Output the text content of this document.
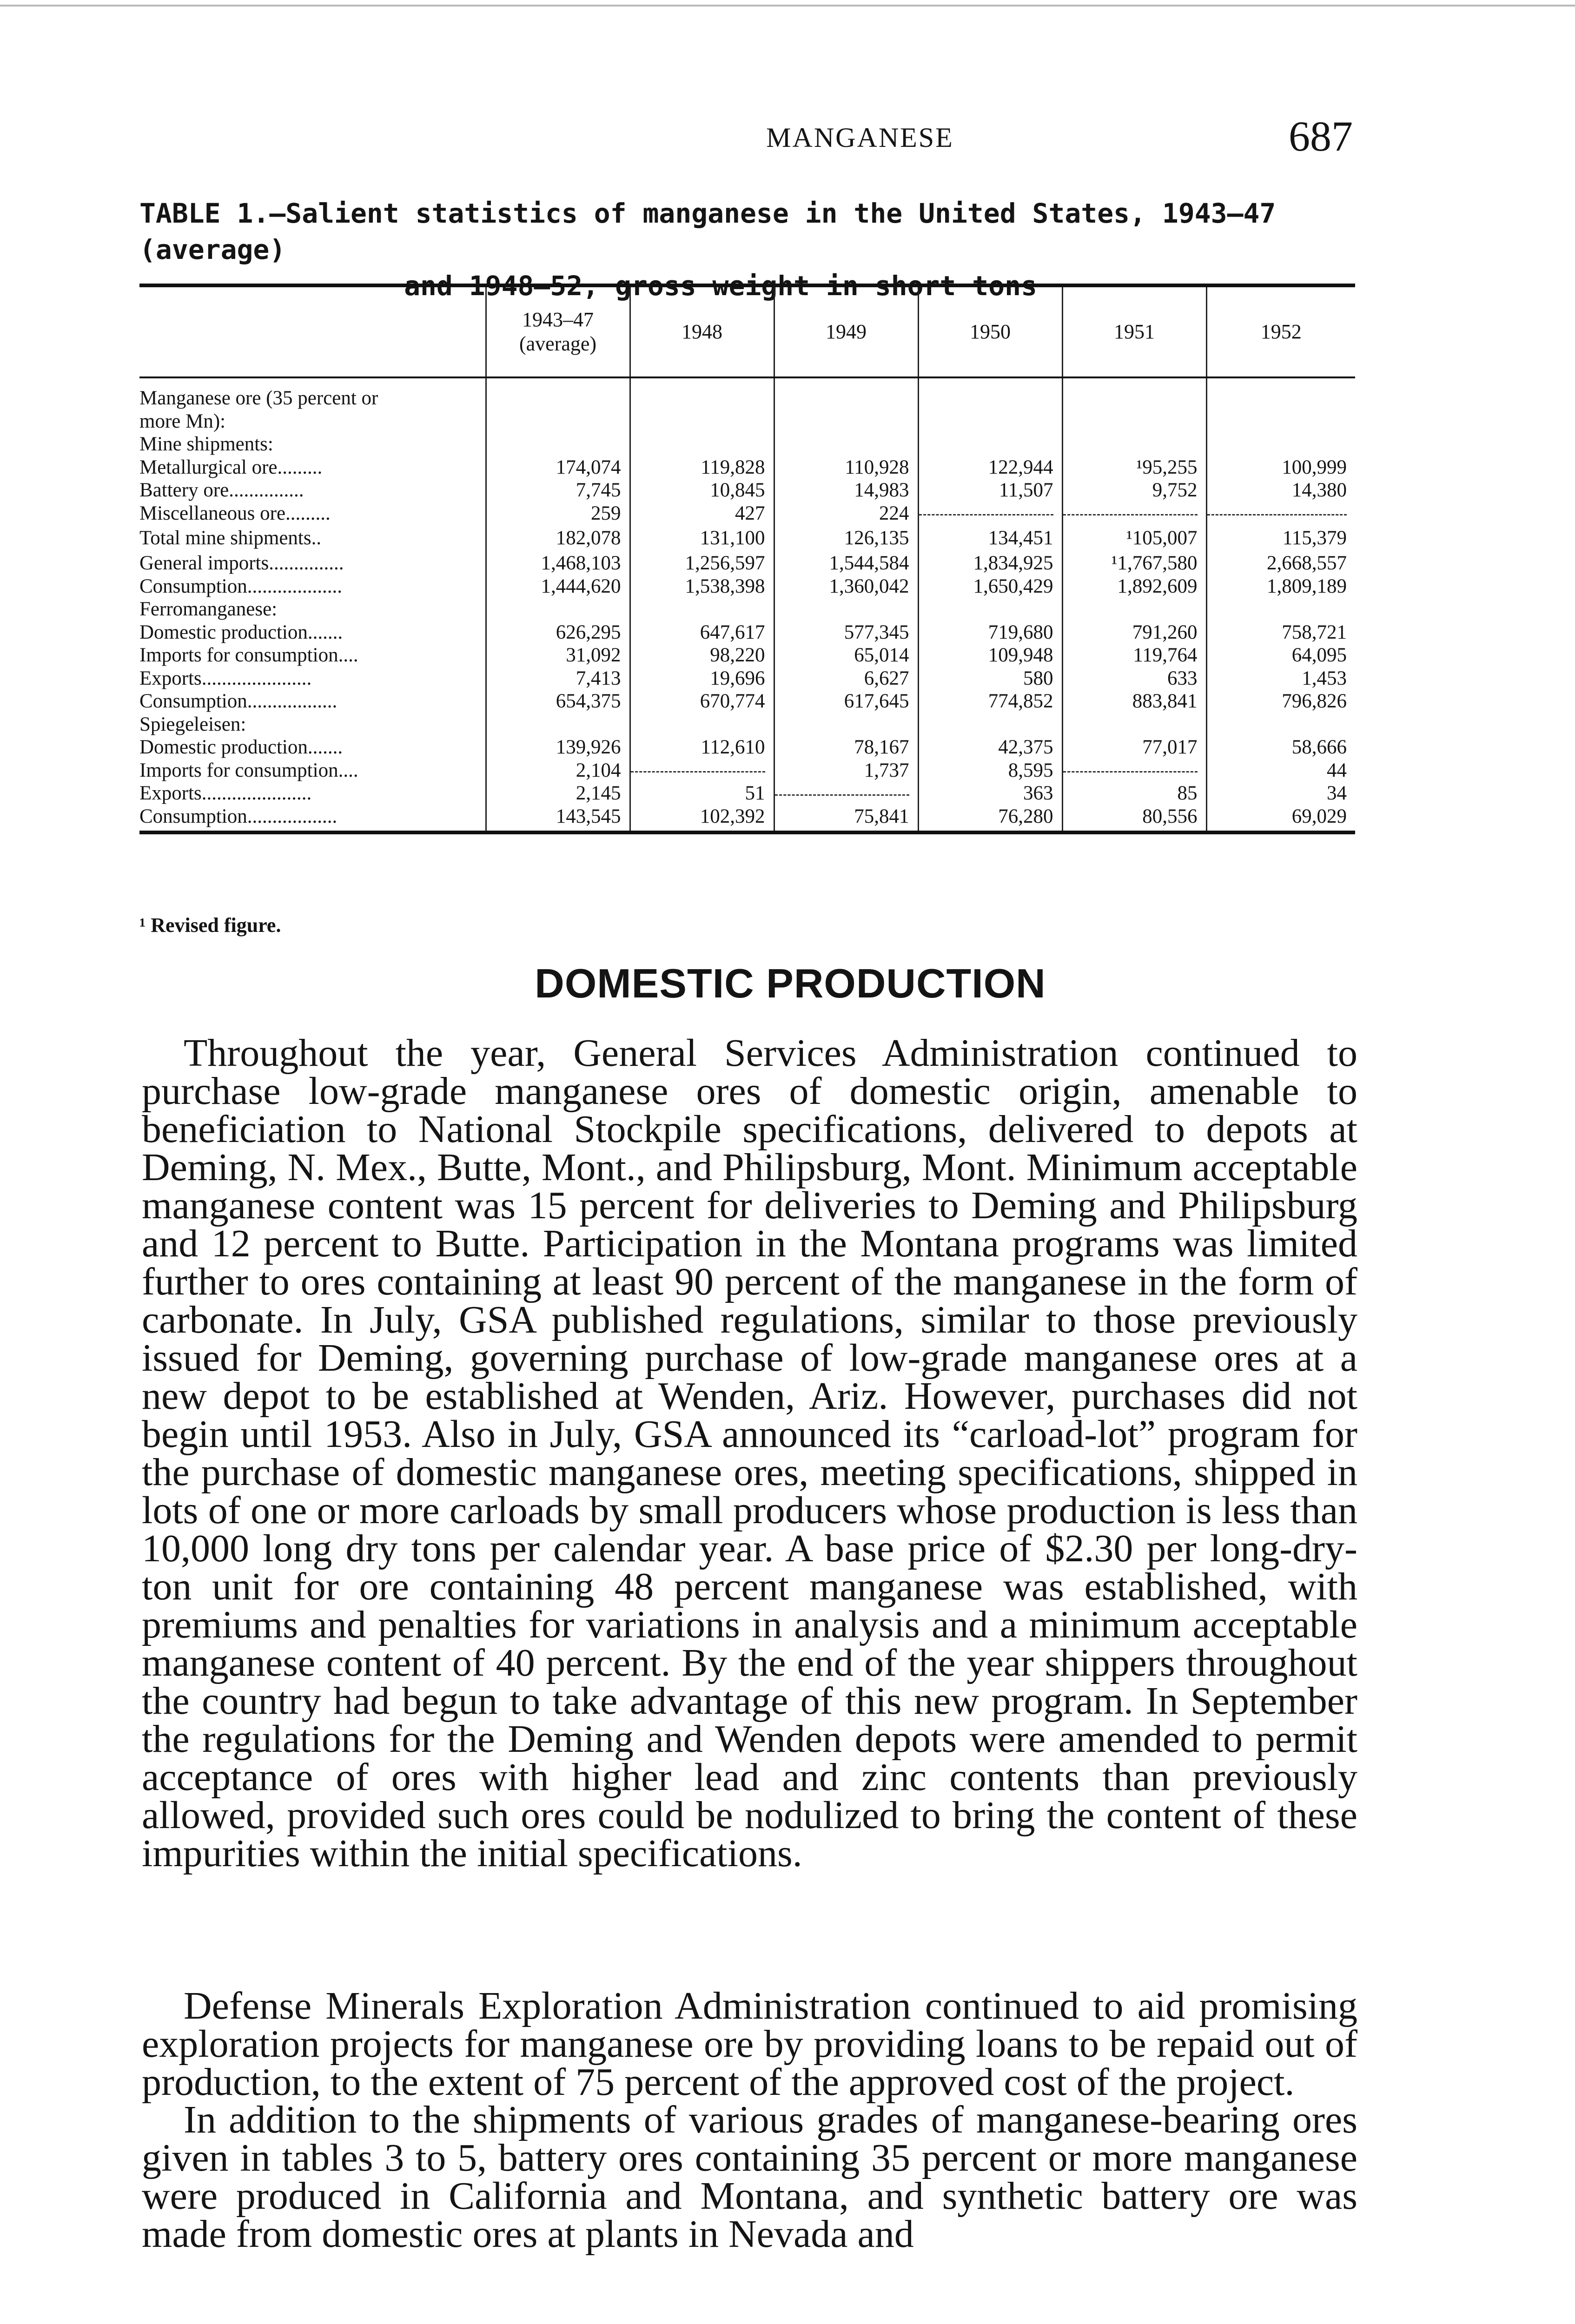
MANGANESE	687
TABLE 1.—Salient statistics of manganese in the United States, 1943–47 (average)
and 1948–52, gross weight in short tons
	1943–47 (average)	1948	1949	1950	1951	1952

Manganese ore (35 percent or						
more Mn):						
Mine shipments:						
Metallurgical ore.........	174,074	119,828	110,928	122,944	¹95,255	100,999
Battery ore...............	7,745	10,845	14,983	11,507	9,752	14,380
Miscellaneous ore.........	259	427	224			
Total mine shipments..	182,078	131,100	126,135	134,451	¹105,007	115,379
General imports...............	1,468,103	1,256,597	1,544,584	1,834,925	¹1,767,580	2,668,557
Consumption...................	1,444,620	1,538,398	1,360,042	1,650,429	1,892,609	1,809,189
Ferromanganese:						
Domestic production.......	626,295	647,617	577,345	719,680	791,260	758,721
Imports for consumption....	31,092	98,220	65,014	109,948	119,764	64,095
Exports......................	7,413	19,696	6,627	580	633	1,453
Consumption..................	654,375	670,774	617,645	774,852	883,841	796,826
Spiegeleisen:						
Domestic production.......	139,926	112,610	78,167	42,375	77,017	58,666
Imports for consumption....	2,104		1,737	8,595		44
Exports......................	2,145	51		363	85	34
Consumption..................	143,545	102,392	75,841	76,280	80,556	69,029
¹ Revised figure.
DOMESTIC PRODUCTION

Throughout the year, General Services Administration continued to purchase low-grade manganese ores of domestic origin, amenable to beneficiation to National Stockpile specifications, delivered to depots at Deming, N. Mex., Butte, Mont., and Philipsburg, Mont. Minimum acceptable manganese content was 15 percent for deliveries to Deming and Philipsburg and 12 percent to Butte. Participation in the Montana programs was limited further to ores containing at least 90 percent of the manganese in the form of carbonate. In July, GSA published regulations, similar to those previously issued for Deming, governing purchase of low-grade manganese ores at a new depot to be established at Wenden, Ariz. However, purchases did not begin until 1953. Also in July, GSA announced its “carload-lot” program for the purchase of domestic manganese ores, meeting specifications, shipped in lots of one or more carloads by small producers whose production is less than 10,000 long dry tons per calendar year. A base price of $2.30 per long-dry-ton unit for ore containing 48 percent manganese was established, with premiums and penalties for variations in analysis and a minimum acceptable manganese content of 40 percent. By the end of the year shippers throughout the country had begun to take advantage of this new program. In September the regulations for the Deming and Wenden depots were amended to permit acceptance of ores with higher lead and zinc contents than previously allowed, provided such ores could be nodulized to bring the content of these impurities within the initial specifications.

Defense Minerals Exploration Administration continued to aid promising exploration projects for manganese ore by providing loans to be repaid out of production, to the extent of 75 percent of the approved cost of the project.

In addition to the shipments of various grades of manganese-bearing ores given in tables 3 to 5, battery ores containing 35 percent or more manganese were produced in California and Montana, and synthetic battery ore was made from domestic ores at plants in Nevada and
